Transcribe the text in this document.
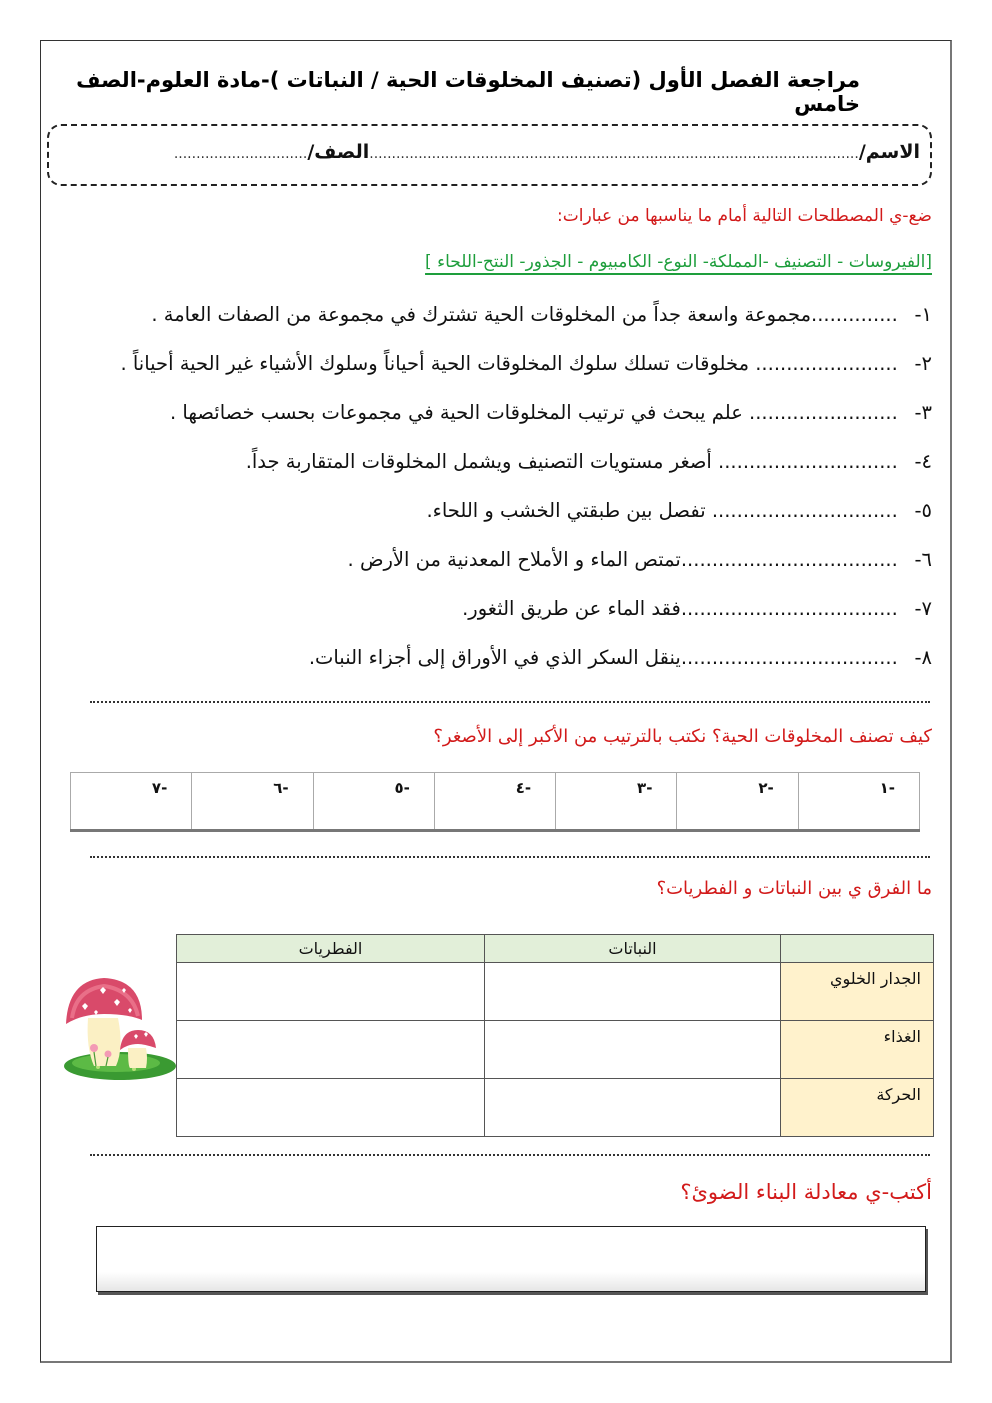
مراجعة الفصل الأول (تصنيف المخلوقات الحية / النباتات )-مادة العلوم-الصف خامس
الاسم/..............................................................................................................الصف/..............................
ضع-ي المصطلحات التالية أمام ما يناسبها من عبارات:
[الفيروسات - التصنيف -المملكة- النوع- الكامبيوم - الجذور- النتح-اللحاء ]
١- ..............مجموعة واسعة جداً من المخلوقات الحية تشترك في مجموعة من الصفات العامة .
٢- ....................... مخلوقات تسلك سلوك المخلوقات الحية أحياناً وسلوك الأشياء غير الحية أحياناً .
٣- ........................ علم يبحث في ترتيب المخلوقات الحية في مجموعات بحسب خصائصها .
٤- ............................. أصغر مستويات التصنيف ويشمل المخلوقات المتقاربة جداً.
٥- .............................. تفصل بين طبقتي الخشب و اللحاء.
٦- ...................................تمتص الماء و الأملاح المعدنية من الأرض .
٧- ...................................فقد الماء عن طريق الثغور.
٨- ...................................ينقل السكر الذي في الأوراق إلى أجزاء النبات.
كيف تصنف المخلوقات الحية؟ نكتب بالترتيب من الأكبر إلى الأصغر؟
-١	-٢	-٣	-٤	-٥	-٦	-٧
ما الفرق ي بين النباتات و الفطريات؟
	النباتات	الفطريات
الجدار الخلوي		
الغذاء		
الحركة		
أكتب-ي معادلة البناء الضوئ؟
